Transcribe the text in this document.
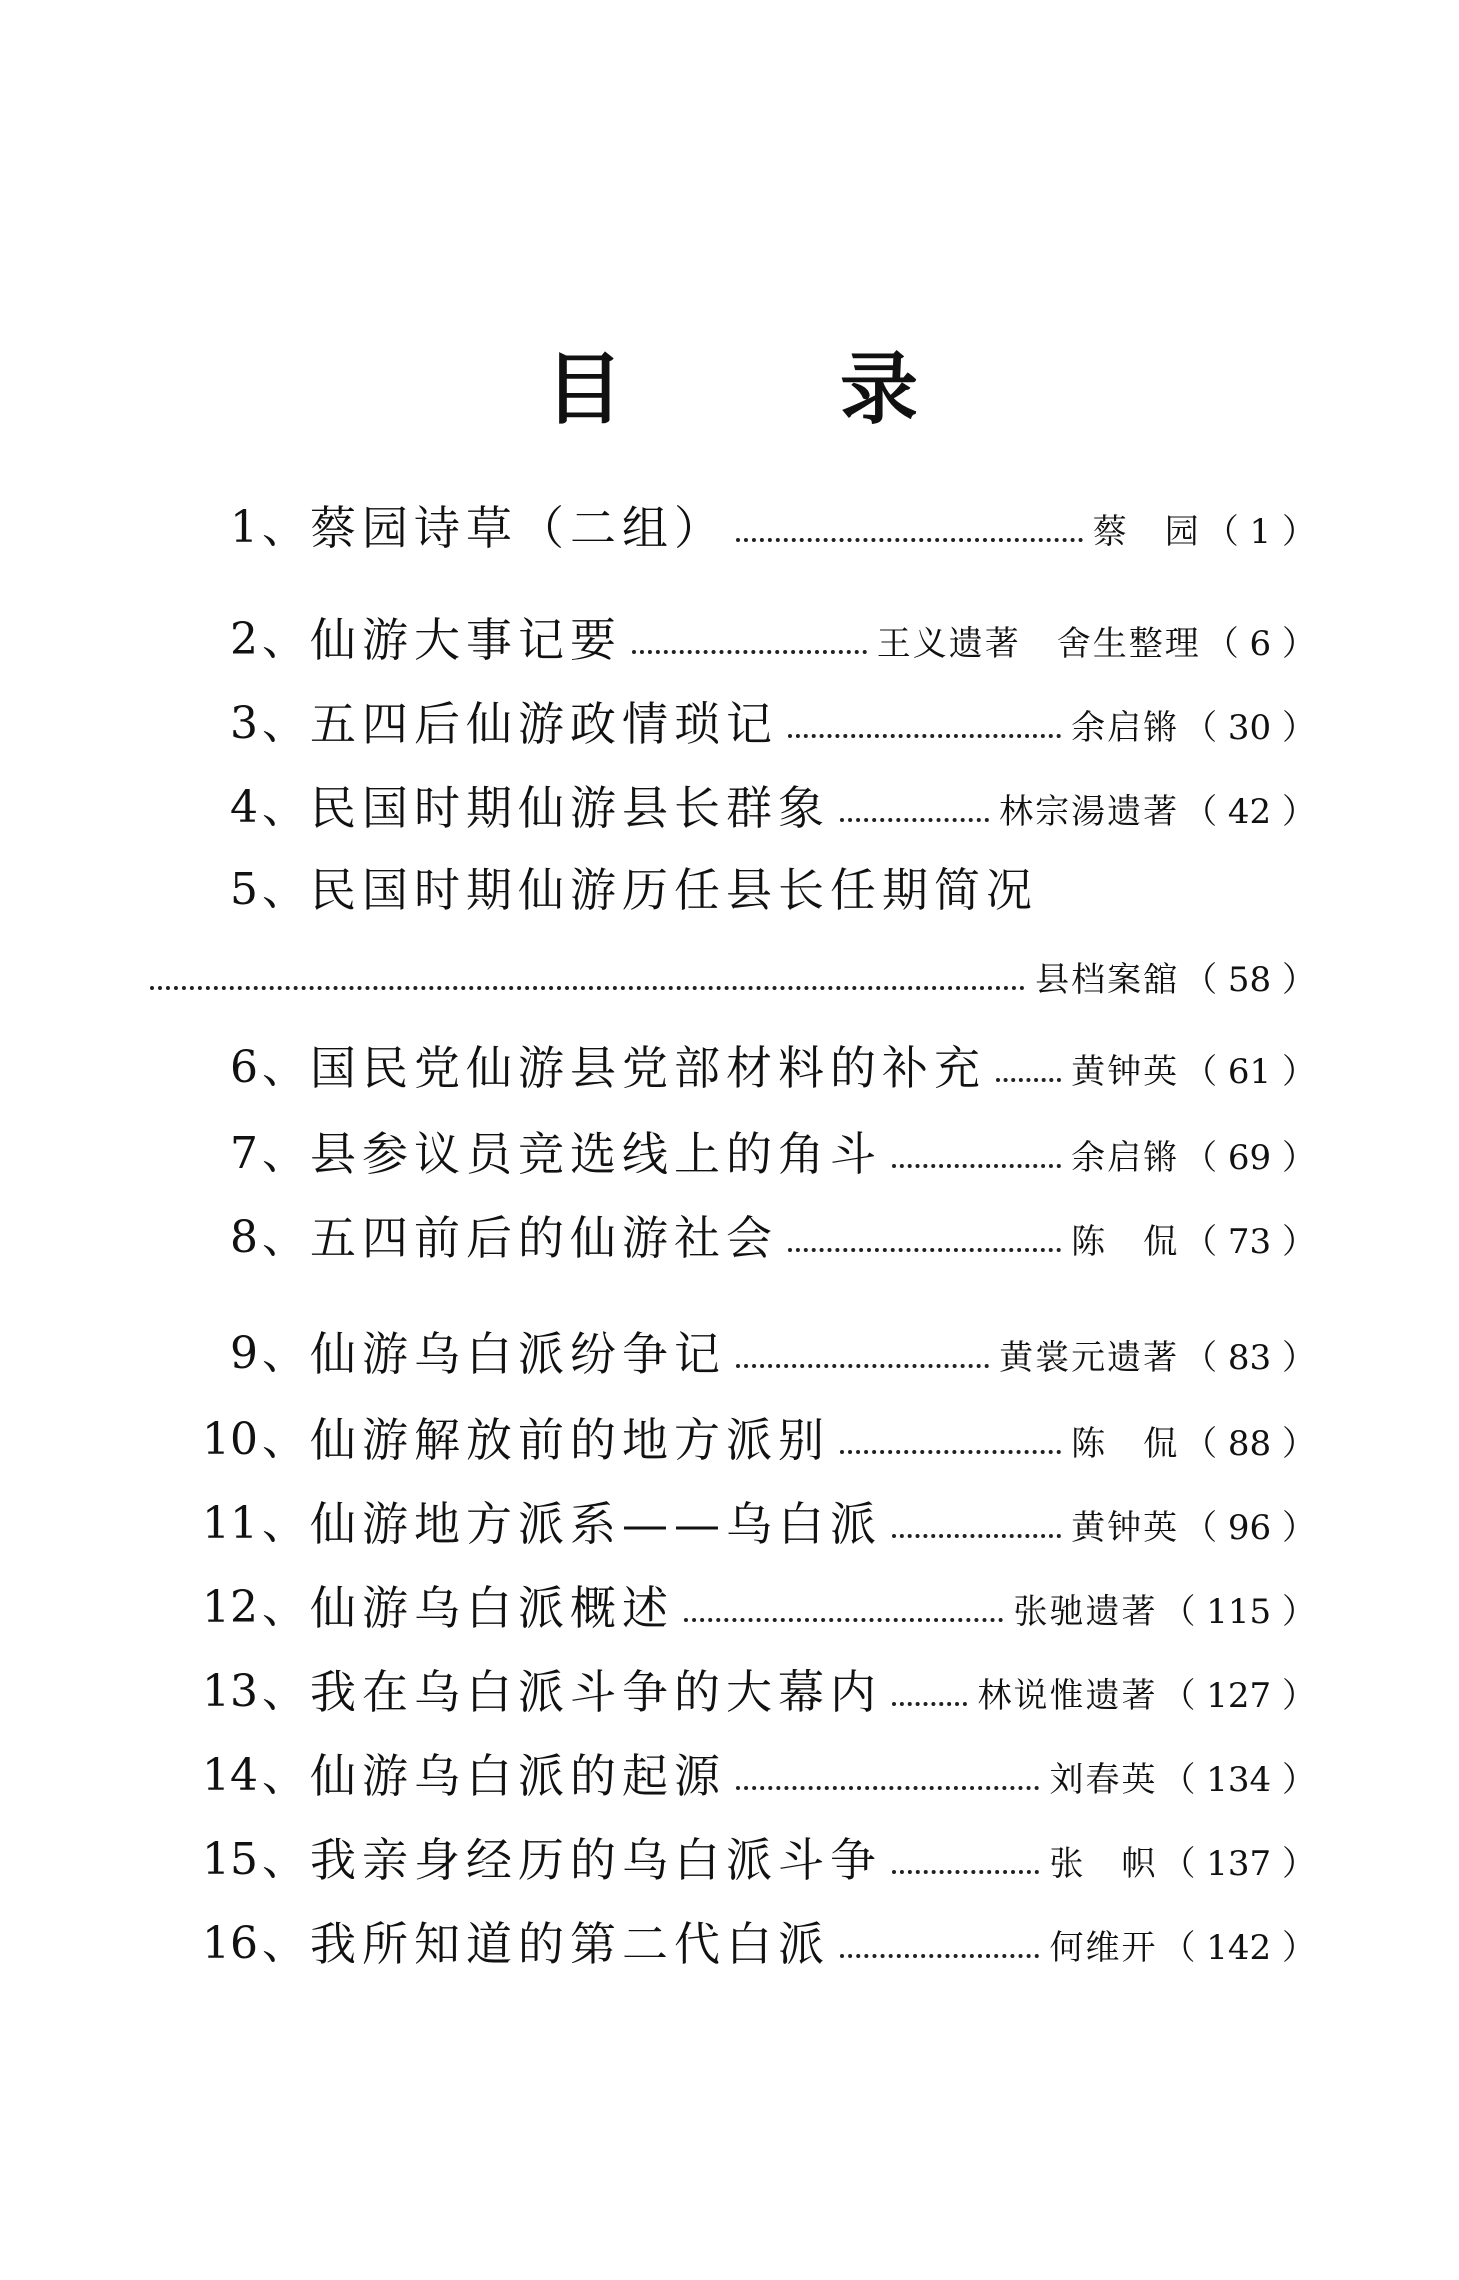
目	录
1 、 蔡园诗草（二组）	蔡　园 （ 1 ）
2 、 仙游大事记要	王义遗著　舍生整理 （ 6 ）
3 、 五四后仙游政情琐记	余启锵 （ 30 ）
4 、 民国时期仙游县长群象	林宗湯遗著 （ 42 ）
5 、 民国时期仙游历任县长任期简况
县档案舘 （ 58 ）
6 、 国民党仙游县党部材料的补充	黄钟英 （ 61 ）
7 、 县参议员竞选线上的角斗	余启锵 （ 69 ）
8 、 五四前后的仙游社会	陈　侃 （ 73 ）
9 、 仙游乌白派纷争记	黄裳元遗著 （ 83 ）
10 、 仙游解放前的地方派别	陈　侃 （ 88 ）
11 、 仙游地方派系——乌白派	黄钟英 （ 96 ）
12 、 仙游乌白派概述	张驰遗著 （ 115 ）
13 、 我在乌白派斗争的大幕内	林说惟遗著 （ 127 ）
14 、 仙游乌白派的起源	刘春英 （ 134 ）
15 、 我亲身经历的乌白派斗争	张　帜 （ 137 ）
16 、 我所知道的第二代白派	何维开 （ 142 ）
